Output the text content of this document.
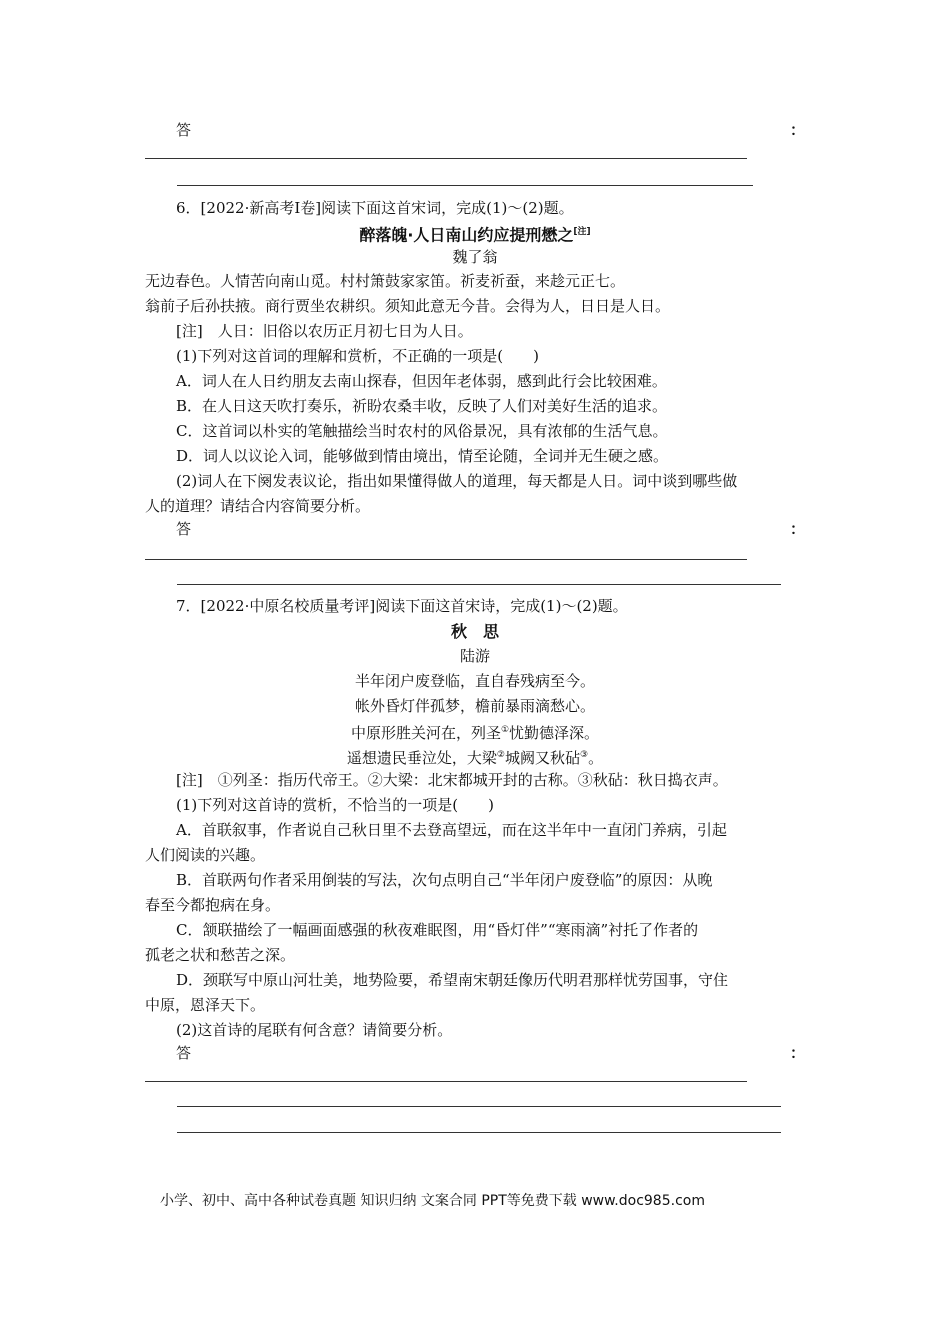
答	：
6．[2022·新高考Ⅰ卷]阅读下面这首宋词，完成(1)～(2)题。
醉落魄·人日南山约应提刑懋之[注]
魏了翁
无边春色。人情苦向南山觅。村村箫鼓家家笛。祈麦祈蚕，来趁元正七。
翁前子后孙扶掖。商行贾坐农耕织。须知此意无今昔。会得为人，日日是人日。
[注]　人日：旧俗以农历正月初七日为人日。
(1)下列对这首词的理解和赏析，不正确的一项是(　　)
A．词人在人日约朋友去南山探春，但因年老体弱，感到此行会比较困难。
B．在人日这天吹打奏乐，祈盼农桑丰收，反映了人们对美好生活的追求。
C．这首词以朴实的笔触描绘当时农村的风俗景况，具有浓郁的生活气息。
D．词人以议论入词，能够做到情由境出，情至论随，全词并无生硬之感。
(2)词人在下阕发表议论，指出如果懂得做人的道理，每天都是人日。词中谈到哪些做
人的道理？请结合内容简要分析。
答	：
7．[2022·中原名校质量考评]阅读下面这首宋诗，完成(1)～(2)题。
秋　思
陆游
半年闭户废登临，直自春残病至今。
帐外昏灯伴孤梦，檐前暴雨滴愁心。
中原形胜关河在，列圣①忧勤德泽深。
遥想遗民垂泣处，大梁②城阙又秋砧③。
[注]　①列圣：指历代帝王。②大梁：北宋都城开封的古称。③秋砧：秋日捣衣声。
(1)下列对这首诗的赏析，不恰当的一项是(　　)
A．首联叙事，作者说自己秋日里不去登高望远，而在这半年中一直闭门养病，引起
人们阅读的兴趣。
B．首联两句作者采用倒装的写法，次句点明自己“半年闭户废登临”的原因：从晚
春至今都抱病在身。
C．颔联描绘了一幅画面感强的秋夜难眠图，用“昏灯伴”“寒雨滴”衬托了作者的
孤老之状和愁苦之深。
D．颈联写中原山河壮美，地势险要，希望南宋朝廷像历代明君那样忧劳国事，守住
中原，恩泽天下。
(2)这首诗的尾联有何含意？请简要分析。
答	：
小学、初中、高中各种试卷真题 知识归纳 文案合同 PPT等免费下载 www.doc985.com
